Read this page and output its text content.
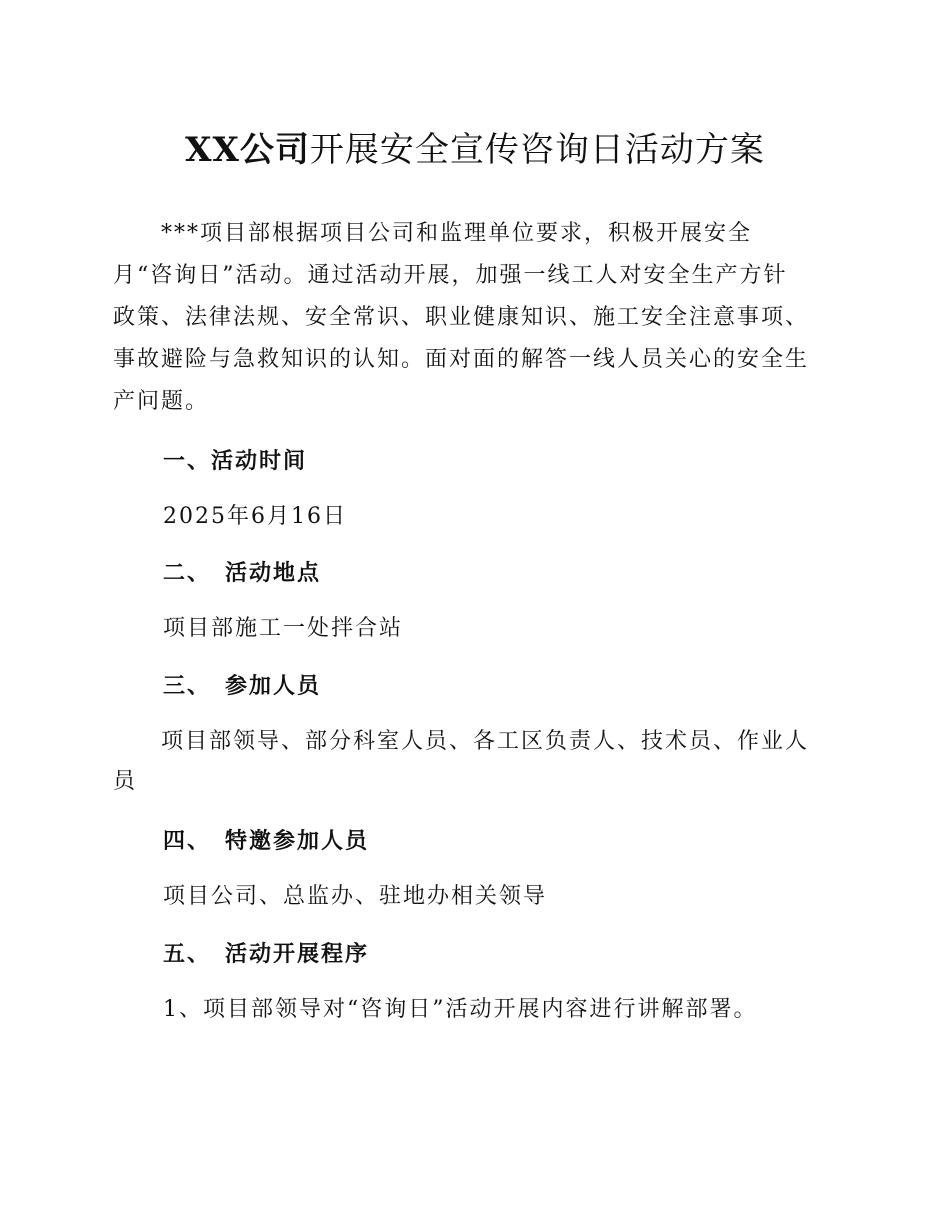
XX公司开展安全宣传咨询日活动方案
***项目部根据项目公司和监理单位要求，积极开展安全
月“咨询日”活动。通过活动开展，加强一线工人对安全生产方针
政策、法律法规、安全常识、职业健康知识、施工安全注意事项、
事故避险与急救知识的认知。面对面的解答一线人员关心的安全生
产问题。
一、活动时间
2025年6月16日
二、 活动地点
项目部施工一处拌合站
三、 参加人员
项目部领导、部分科室人员、各工区负责人、技术员、作业人
员
四、 特邀参加人员
项目公司、总监办、驻地办相关领导
五、 活动开展程序
1、项目部领导对“咨询日”活动开展内容进行讲解部署。
